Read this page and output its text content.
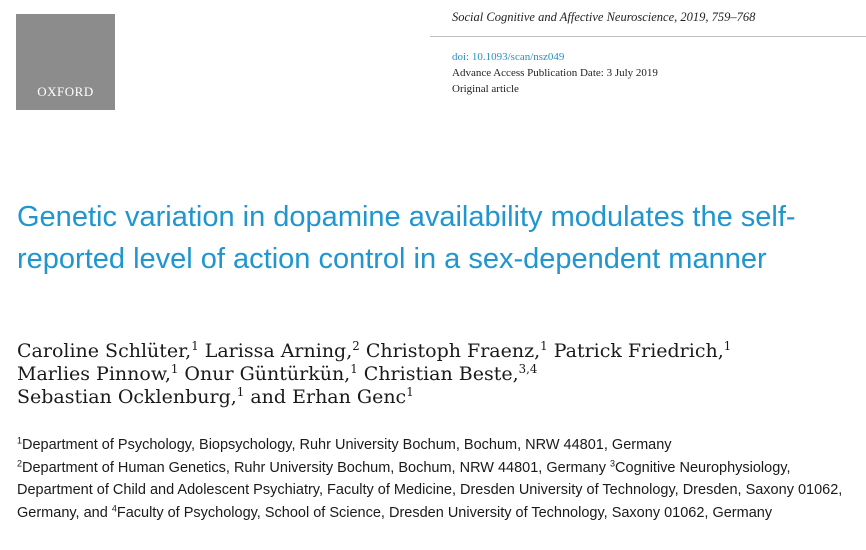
OXFORD
Social Cognitive and Affective Neuroscience, 2019, 759–768
doi: 10.1093/scan/nsz049
Advance Access Publication Date: 3 July 2019
Original article
Genetic variation in dopamine availability modulates the self-reported level of action control in a sex-dependent manner
Caroline Schlüter,$^1$ Larissa Arning,$^2$ Christoph Fraenz,$^1$ Patrick Friedrich,$^1$
Marlies Pinnow,$^1$ Onur Güntürkün,$^1$ Christian Beste,$^{3,4}$
Sebastian Ocklenburg,$^1$ and Erhan Genc$^1$
$^1$Department of Psychology, Biopsychology, Ruhr University Bochum, Bochum, NRW 44801, Germany
$^2$Department of Human Genetics, Ruhr University Bochum, Bochum, NRW 44801, Germany $^3$Cognitive Neurophysiology, Department of Child and Adolescent Psychiatry, Faculty of Medicine, Dresden University of Technology, Dresden, Saxony 01062, Germany, and $^4$Faculty of Psychology, School of Science, Dresden University of Technology, Saxony 01062, Germany
